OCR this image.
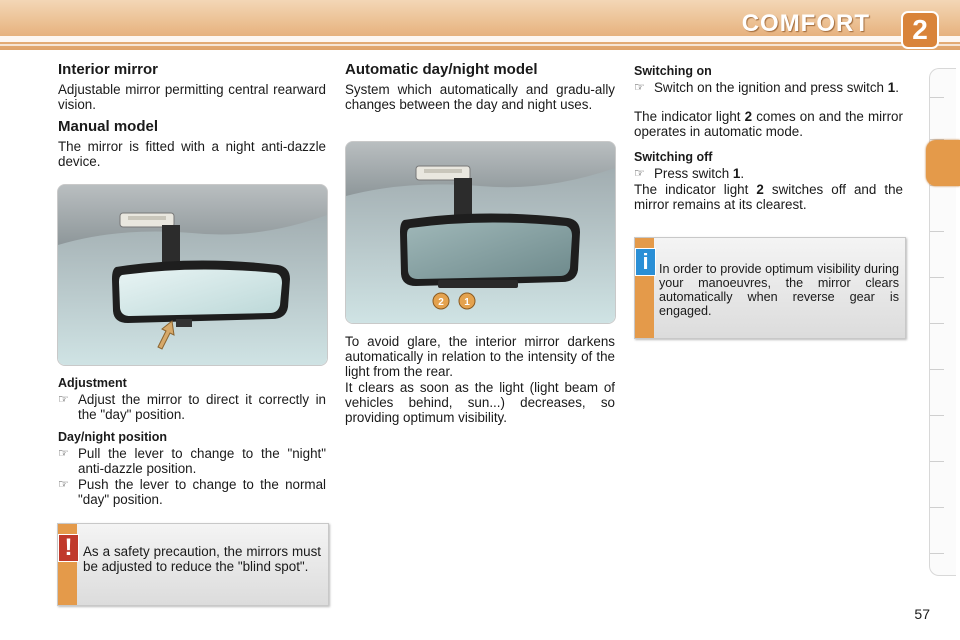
COMFORT	2
Interior mirror

Adjustable mirror permitting central rearward vision.

Manual model

The mirror is fitted with a night anti-dazzle device.

Adjustment
☞ Adjust the mirror to direct it correctly in the "day" position.
Day/night position
☞ Pull the lever to change to the "night" anti-dazzle position.
☞ Push the lever to change to the normal "day" position.
! As a safety precaution, the mirrors must be adjusted to reduce the "blind spot".

Automatic day/night model

System which automatically and gradu-ally changes between the day and night uses.

2 1

To avoid glare, the interior mirror darkens automatically in relation to the intensity of the light from the rear.

It clears as soon as the light (light beam of vehicles behind, sun...) decreases, so providing optimum visibility.

Switching on
☞ Switch on the ignition and press switch 1.

The indicator light 2 comes on and the mirror operates in automatic mode.

Switching off
☞ Press switch 1.

The indicator light 2 switches off and the mirror remains at its clearest.

i In order to provide optimum visibility during your manoeuvres, the mirror clears automatically when reverse gear is engaged.

57
